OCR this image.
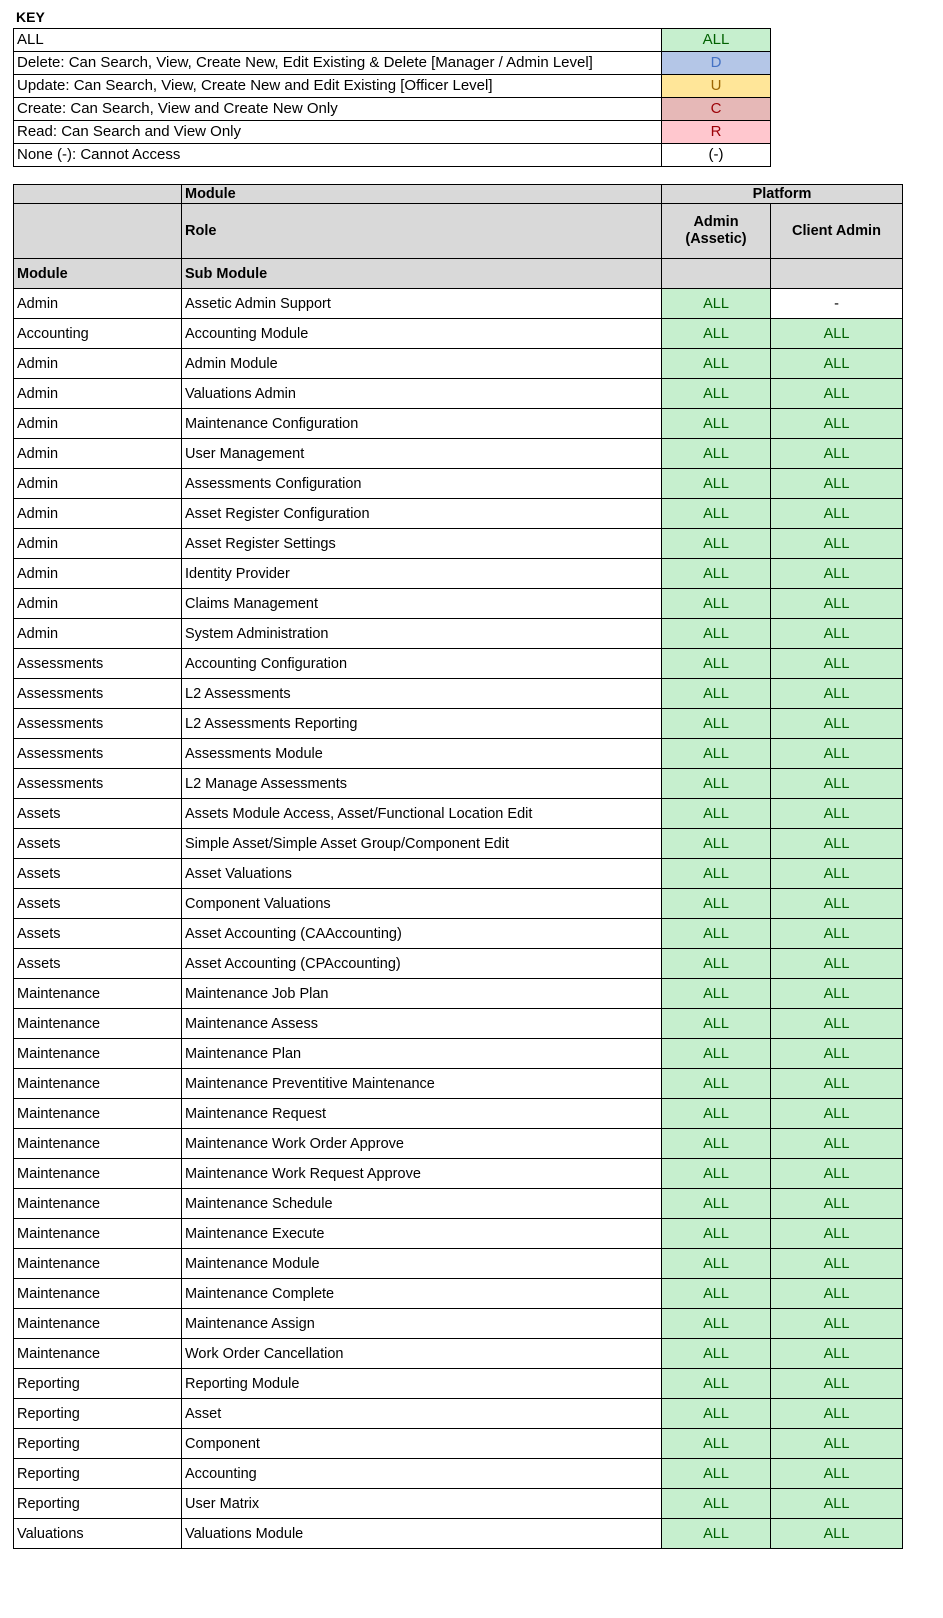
KEY
ALL	ALL
Delete: Can Search, View, Create New, Edit Existing & Delete [Manager / Admin Level]	D
Update: Can Search, View, Create New and Edit Existing [Officer Level]	U
Create: Can Search, View and Create New Only	C
Read: Can Search and View Only	R
None (-): Cannot Access	(-)
	Module	Platform	
	Role	Admin (Assetic)	Client Admin
Module	Sub Module		
Admin	Assetic Admin Support	ALL	-
Accounting	Accounting Module	ALL	ALL
Admin	Admin Module	ALL	ALL
Admin	Valuations Admin	ALL	ALL
Admin	Maintenance Configuration	ALL	ALL
Admin	User Management	ALL	ALL
Admin	Assessments Configuration	ALL	ALL
Admin	Asset Register Configuration	ALL	ALL
Admin	Asset Register Settings	ALL	ALL
Admin	Identity Provider	ALL	ALL
Admin	Claims Management	ALL	ALL
Admin	System Administration	ALL	ALL
Assessments	Accounting Configuration	ALL	ALL
Assessments	L2 Assessments	ALL	ALL
Assessments	L2 Assessments Reporting	ALL	ALL
Assessments	Assessments Module	ALL	ALL
Assessments	L2 Manage Assessments	ALL	ALL
Assets	Assets Module Access, Asset/Functional Location Edit	ALL	ALL
Assets	Simple Asset/Simple Asset Group/Component Edit	ALL	ALL
Assets	Asset Valuations	ALL	ALL
Assets	Component Valuations	ALL	ALL
Assets	Asset Accounting (CAAccounting)	ALL	ALL
Assets	Asset Accounting (CPAccounting)	ALL	ALL
Maintenance	Maintenance Job Plan	ALL	ALL
Maintenance	Maintenance Assess	ALL	ALL
Maintenance	Maintenance Plan	ALL	ALL
Maintenance	Maintenance Preventitive Maintenance	ALL	ALL
Maintenance	Maintenance Request	ALL	ALL
Maintenance	Maintenance Work Order Approve	ALL	ALL
Maintenance	Maintenance Work Request Approve	ALL	ALL
Maintenance	Maintenance Schedule	ALL	ALL
Maintenance	Maintenance Execute	ALL	ALL
Maintenance	Maintenance Module	ALL	ALL
Maintenance	Maintenance Complete	ALL	ALL
Maintenance	Maintenance Assign	ALL	ALL
Maintenance	Work Order Cancellation	ALL	ALL
Reporting	Reporting Module	ALL	ALL
Reporting	Asset	ALL	ALL
Reporting	Component	ALL	ALL
Reporting	Accounting	ALL	ALL
Reporting	User Matrix	ALL	ALL
Valuations	Valuations Module	ALL	ALL
